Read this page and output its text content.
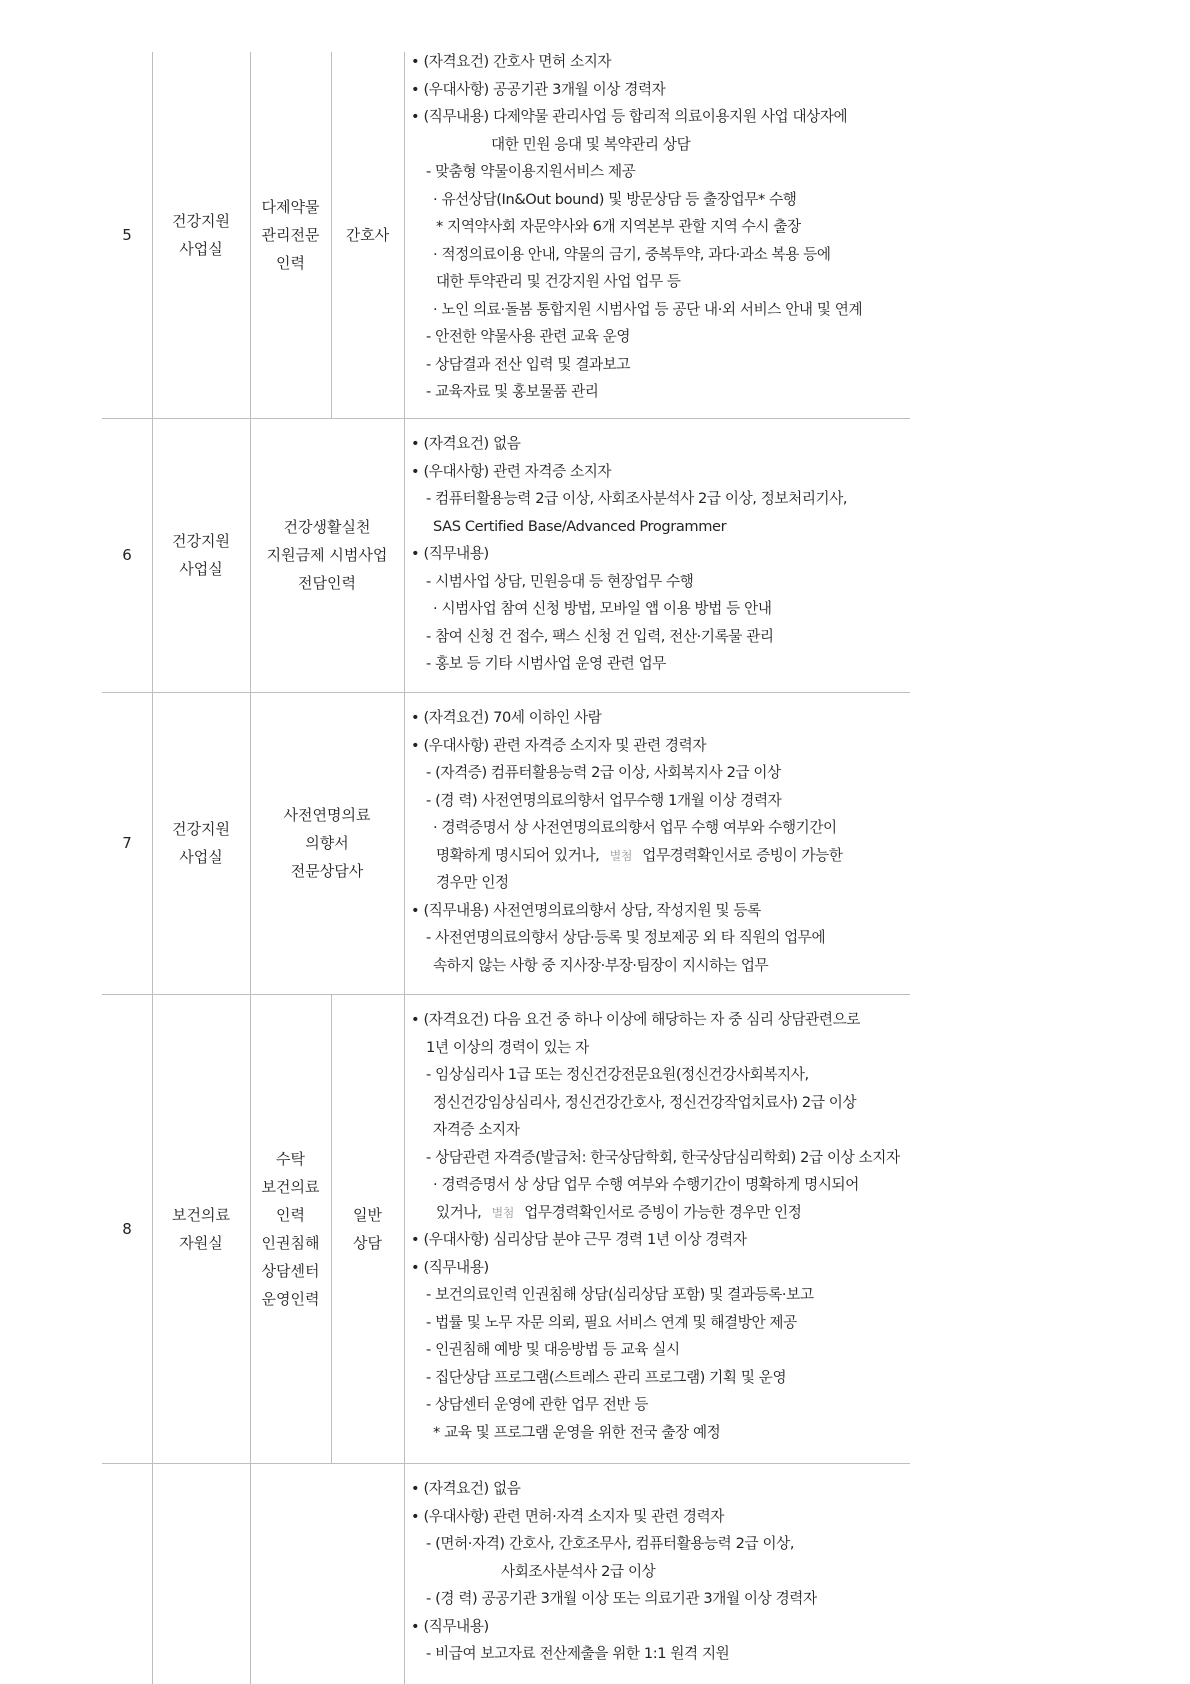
5
건강지원
사업실
다제약물
관리전문
인력
간호사
• (자격요건) 간호사 면허 소지자
• (우대사항) 공공기관 3개월 이상 경력자
• (직무내용) 다제약물 관리사업 등 합리적 의료이용지원 사업 대상자에
대한 민원 응대 및 복약관리 상담
- 맞춤형 약물이용지원서비스 제공
· 유선상담(In&Out bound) 및 방문상담 등 출장업무* 수행
* 지역약사회 자문약사와 6개 지역본부 관할 지역 수시 출장
· 적정의료이용 안내, 약물의 금기, 중복투약, 과다·과소 복용 등에
대한 투약관리 및 건강지원 사업 업무 등
· 노인 의료·돌봄 통합지원 시범사업 등 공단 내·외 서비스 안내 및 연계
- 안전한 약물사용 관련 교육 운영
- 상담결과 전산 입력 및 결과보고
- 교육자료 및 홍보물품 관리
6
건강지원
사업실
건강생활실천
지원금제 시범사업
전담인력
• (자격요건) 없음
• (우대사항) 관련 자격증 소지자
- 컴퓨터활용능력 2급 이상, 사회조사분석사 2급 이상, 정보처리기사,
SAS Certified Base/Advanced Programmer
• (직무내용)
- 시범사업 상담, 민원응대 등 현장업무 수행
· 시범사업 참여 신청 방법, 모바일 앱 이용 방법 등 안내
- 참여 신청 건 접수, 팩스 신청 건 입력, 전산·기록물 관리
- 홍보 등 기타 시범사업 운영 관련 업무
7
건강지원
사업실
사전연명의료
의향서
전문상담사
• (자격요건) 70세 이하인 사람
• (우대사항) 관련 자격증 소지자 및 관련 경력자
- (자격증) 컴퓨터활용능력 2급 이상, 사회복지사 2급 이상
- (경 력) 사전연명의료의향서 업무수행 1개월 이상 경력자
· 경력증명서 상 사전연명의료의향서 업무 수행 여부와 수행기간이
명확하게 명시되어 있거나, 별첨 업무경력확인서로 증빙이 가능한
경우만 인정
• (직무내용) 사전연명의료의향서 상담, 작성지원 및 등록
- 사전연명의료의향서 상담·등록 및 정보제공 외 타 직원의 업무에
속하지 않는 사항 중 지사장·부장·팀장이 지시하는 업무
8
보건의료
자원실
수탁
보건의료
인력
인권침해
상담센터
운영인력
일반
상담
• (자격요건) 다음 요건 중 하나 이상에 해당하는 자 중 심리 상담관련으로
1년 이상의 경력이 있는 자
- 임상심리사 1급 또는 정신건강전문요원(정신건강사회복지사,
정신건강임상심리사, 정신건강간호사, 정신건강작업치료사) 2급 이상
자격증 소지자
- 상담관련 자격증(발급처: 한국상담학회, 한국상담심리학회) 2급 이상 소지자
· 경력증명서 상 상담 업무 수행 여부와 수행기간이 명확하게 명시되어
있거나, 별첨 업무경력확인서로 증빙이 가능한 경우만 인정
• (우대사항) 심리상담 분야 근무 경력 1년 이상 경력자
• (직무내용)
- 보건의료인력 인권침해 상담(심리상담 포함) 및 결과등록·보고
- 법률 및 노무 자문 의뢰, 필요 서비스 연계 및 해결방안 제공
- 인권침해 예방 및 대응방법 등 교육 실시
- 집단상담 프로그램(스트레스 관리 프로그램) 기획 및 운영
- 상담센터 운영에 관한 업무 전반 등
* 교육 및 프로그램 운영을 위한 전국 출장 예정
• (자격요건) 없음
• (우대사항) 관련 면허·자격 소지자 및 관련 경력자
- (면허·자격) 간호사, 간호조무사, 컴퓨터활용능력 2급 이상,
사회조사분석사 2급 이상
- (경 력) 공공기관 3개월 이상 또는 의료기관 3개월 이상 경력자
• (직무내용)
- 비급여 보고자료 전산제출을 위한 1:1 원격 지원
